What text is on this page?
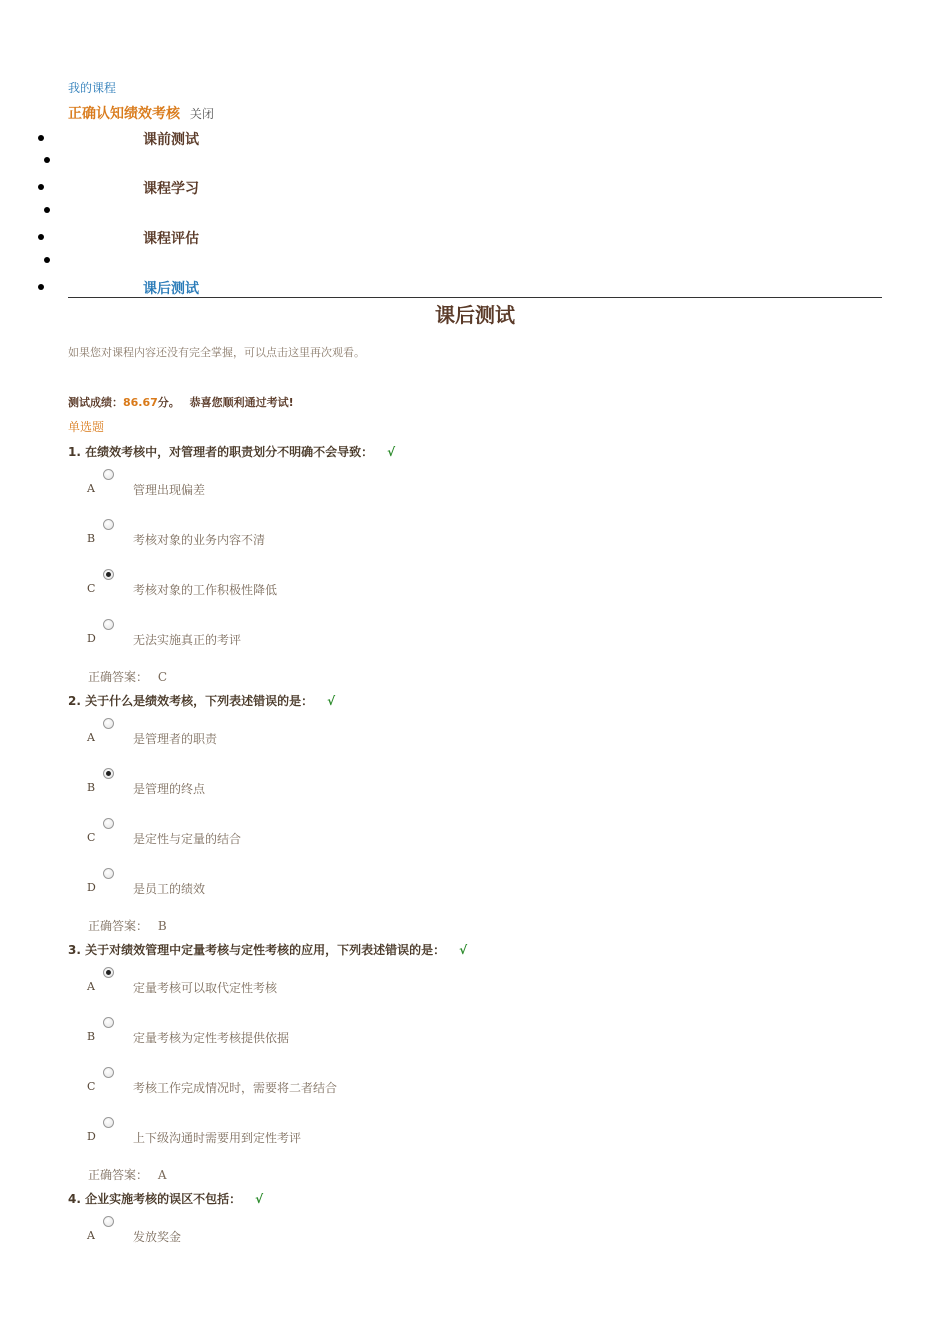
我的课程
正确认知绩效考核 关闭
课前测试
课程学习
课程评估
课后测试
课后测试
如果您对课程内容还没有完全掌握，可以点击这里再次观看。
测试成绩：86.67分。 恭喜您顺利通过考试!
单选题
1. 在绩效考核中，对管理者的职责划分不明确不会导致： √
A	管理出现偏差
B	考核对象的业务内容不清
C	考核对象的工作积极性降低
D	无法实施真正的考评
正确答案： C
2. 关于什么是绩效考核，下列表述错误的是： √
A	是管理者的职责
B	是管理的终点
C	是定性与定量的结合
D	是员工的绩效
正确答案： B
3. 关于对绩效管理中定量考核与定性考核的应用，下列表述错误的是： √
A	定量考核可以取代定性考核
B	定量考核为定性考核提供依据
C	考核工作完成情况时，需要将二者结合
D	上下级沟通时需要用到定性考评
正确答案： A
4. 企业实施考核的误区不包括： √
A	发放奖金
